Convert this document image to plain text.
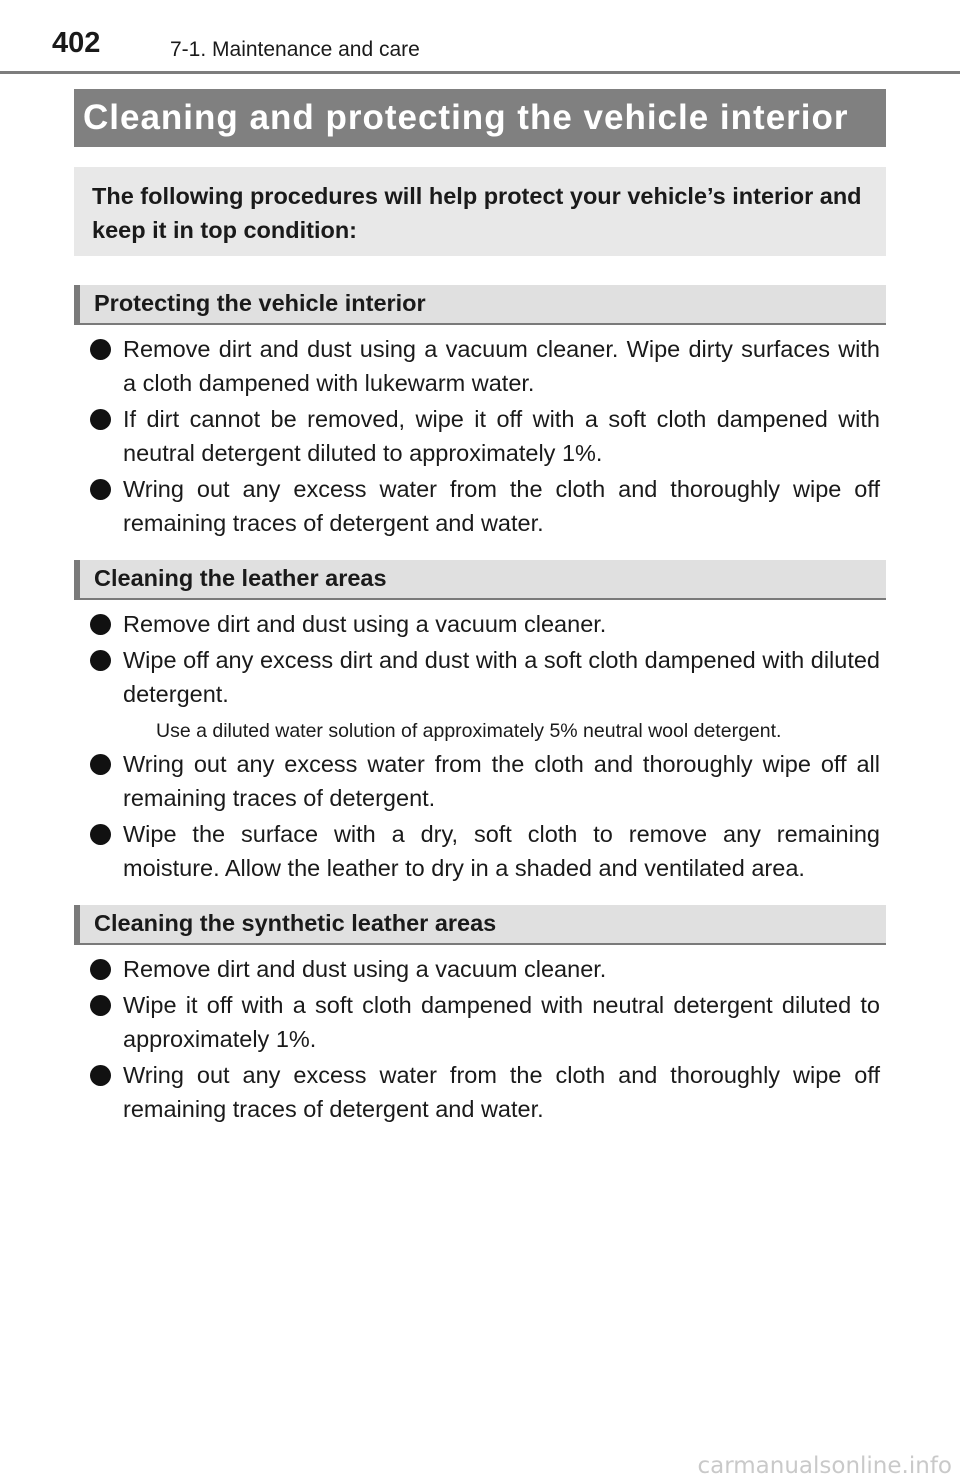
402	7-1. Maintenance and care
Cleaning and protecting the vehicle interior
The following procedures will help protect your vehicle’s interior and keep it in top condition:
Protecting the vehicle interior
Remove dirt and dust using a vacuum cleaner. Wipe dirty surfaces with a cloth dampened with lukewarm water.
If dirt cannot be removed, wipe it off with a soft cloth dampened with neutral detergent diluted to approximately 1%.
Wring out any excess water from the cloth and thoroughly wipe off remaining traces of detergent and water.
Cleaning the leather areas
Remove dirt and dust using a vacuum cleaner.
Wipe off any excess dirt and dust with a soft cloth dampened with diluted detergent.
Use a diluted water solution of approximately 5% neutral wool detergent.
Wring out any excess water from the cloth and thoroughly wipe off all remaining traces of detergent.
Wipe the surface with a dry, soft cloth to remove any remaining moisture. Allow the leather to dry in a shaded and ventilated area.
Cleaning the synthetic leather areas
Remove dirt and dust using a vacuum cleaner.
Wipe it off with a soft cloth dampened with neutral detergent diluted to approximately 1%.
Wring out any excess water from the cloth and thoroughly wipe off remaining traces of detergent and water.
carmanualsonline.info
